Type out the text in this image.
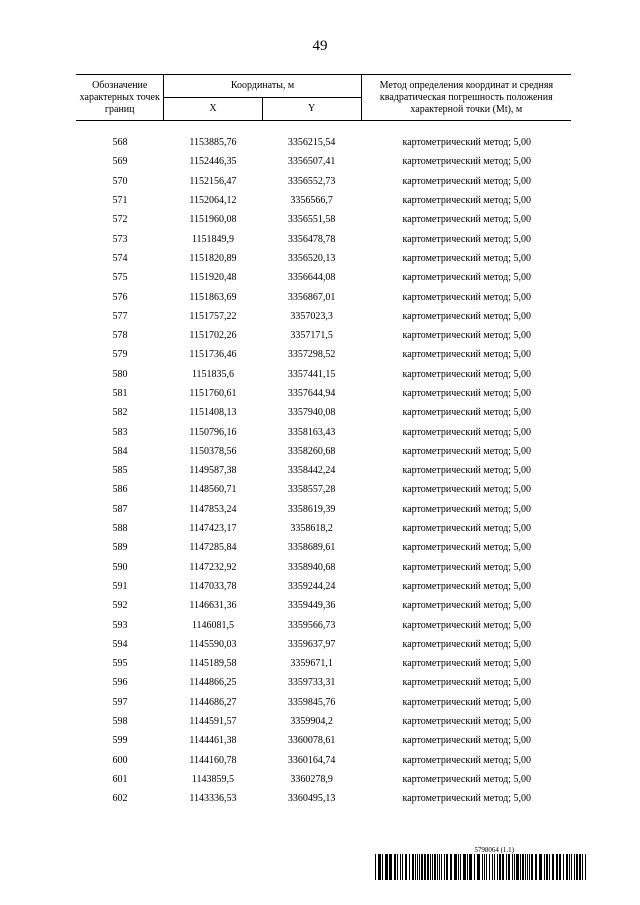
49
Обозначение характерных точек границ	Координаты, м		Метод определения координат и средняя квадратическая погрешность положения характерной точки (Mt), м
	X	Y	

568	1153885,76	3356215,54	картометрический метод; 5,00
569	1152446,35	3356507,41	картометрический метод; 5,00
570	1152156,47	3356552,73	картометрический метод; 5,00
571	1152064,12	3356566,7	картометрический метод; 5,00
572	1151960,08	3356551,58	картометрический метод; 5,00
573	1151849,9	3356478,78	картометрический метод; 5,00
574	1151820,89	3356520,13	картометрический метод; 5,00
575	1151920,48	3356644,08	картометрический метод; 5,00
576	1151863,69	3356867,01	картометрический метод; 5,00
577	1151757,22	3357023,3	картометрический метод; 5,00
578	1151702,26	3357171,5	картометрический метод; 5,00
579	1151736,46	3357298,52	картометрический метод; 5,00
580	1151835,6	3357441,15	картометрический метод; 5,00
581	1151760,61	3357644,94	картометрический метод; 5,00
582	1151408,13	3357940,08	картометрический метод; 5,00
583	1150796,16	3358163,43	картометрический метод; 5,00
584	1150378,56	3358260,68	картометрический метод; 5,00
585	1149587,38	3358442,24	картометрический метод; 5,00
586	1148560,71	3358557,28	картометрический метод; 5,00
587	1147853,24	3358619,39	картометрический метод; 5,00
588	1147423,17	3358618,2	картометрический метод; 5,00
589	1147285,84	3358689,61	картометрический метод; 5,00
590	1147232,92	3358940,68	картометрический метод; 5,00
591	1147033,78	3359244,24	картометрический метод; 5,00
592	1146631,36	3359449,36	картометрический метод; 5,00
593	1146081,5	3359566,73	картометрический метод; 5,00
594	1145590,03	3359637,97	картометрический метод; 5,00
595	1145189,58	3359671,1	картометрический метод; 5,00
596	1144866,25	3359733,31	картометрический метод; 5,00
597	1144686,27	3359845,76	картометрический метод; 5,00
598	1144591,57	3359904,2	картометрический метод; 5,00
599	1144461,38	3360078,61	картометрический метод; 5,00
600	1144160,78	3360164,74	картометрический метод; 5,00
601	1143859,5	3360278,9	картометрический метод; 5,00
602	1143336,53	3360495,13	картометрический метод; 5,00
5798064 (1.1)
